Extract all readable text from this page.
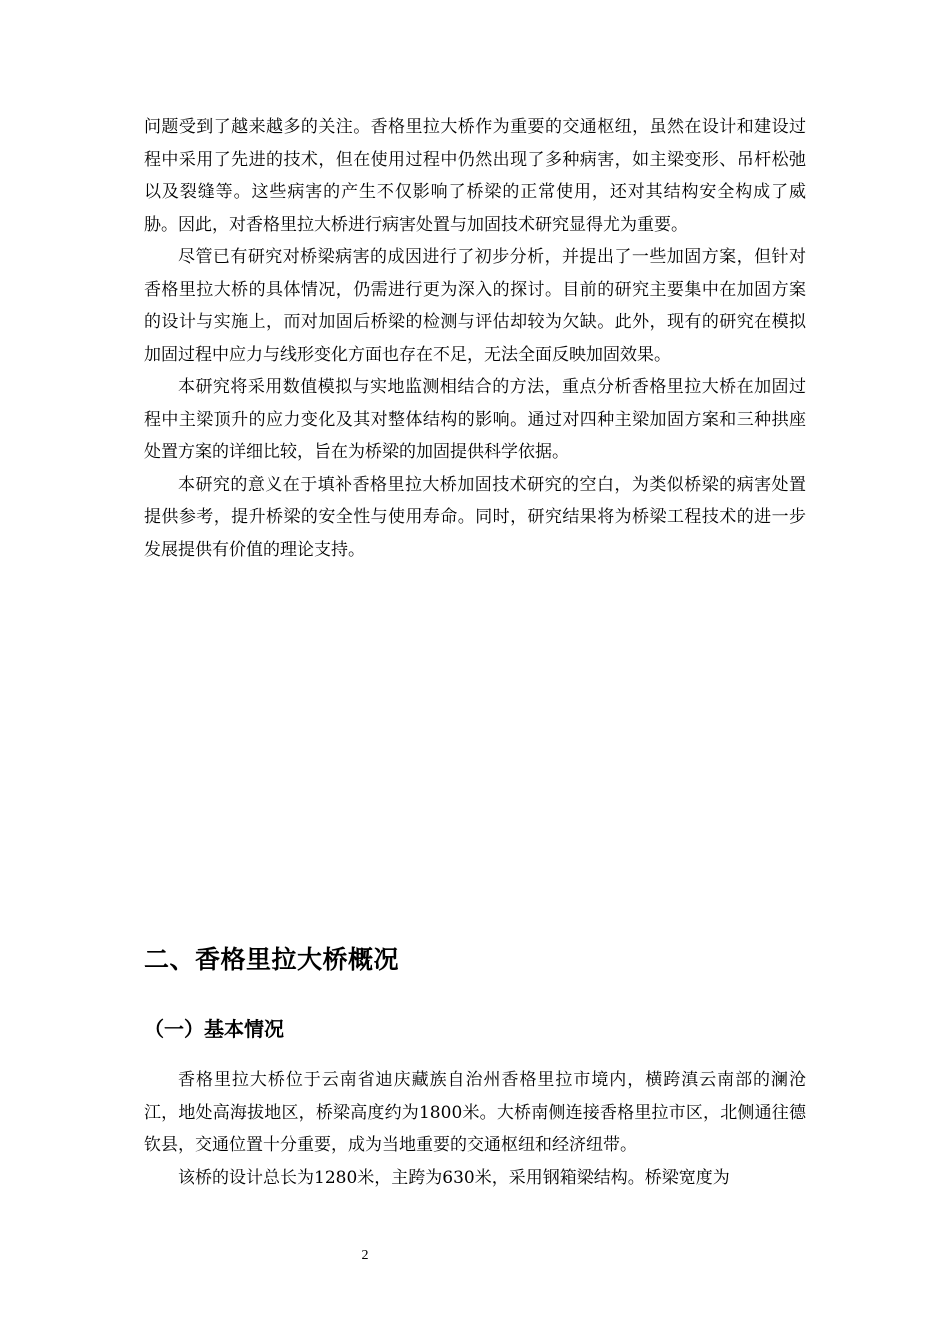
问题受到了越来越多的关注。香格里拉大桥作为重要的交通枢纽，虽然在设计和建设过程中采用了先进的技术，但在使用过程中仍然出现了多种病害，如主梁变形、吊杆松弛以及裂缝等。这些病害的产生不仅影响了桥梁的正常使用，还对其结构安全构成了威胁。因此，对香格里拉大桥进行病害处置与加固技术研究显得尤为重要。

尽管已有研究对桥梁病害的成因进行了初步分析，并提出了一些加固方案，但针对香格里拉大桥的具体情况，仍需进行更为深入的探讨。目前的研究主要集中在加固方案的设计与实施上，而对加固后桥梁的检测与评估却较为欠缺。此外，现有的研究在模拟加固过程中应力与线形变化方面也存在不足，无法全面反映加固效果。

本研究将采用数值模拟与实地监测相结合的方法，重点分析香格里拉大桥在加固过程中主梁顶升的应力变化及其对整体结构的影响。通过对四种主梁加固方案和三种拱座处置方案的详细比较，旨在为桥梁的加固提供科学依据。

本研究的意义在于填补香格里拉大桥加固技术研究的空白，为类似桥梁的病害处置提供参考，提升桥梁的安全性与使用寿命。同时，研究结果将为桥梁工程技术的进一步发展提供有价值的理论支持。

二、香格里拉大桥概况
（一）基本情况

香格里拉大桥位于云南省迪庆藏族自治州香格里拉市境内，横跨滇云南部的澜沧江，地处高海拔地区，桥梁高度约为1800米。大桥南侧连接香格里拉市区，北侧通往德钦县，交通位置十分重要，成为当地重要的交通枢纽和经济纽带。

该桥的设计总长为1280米，主跨为630米，采用钢箱梁结构。桥梁宽度为

2
